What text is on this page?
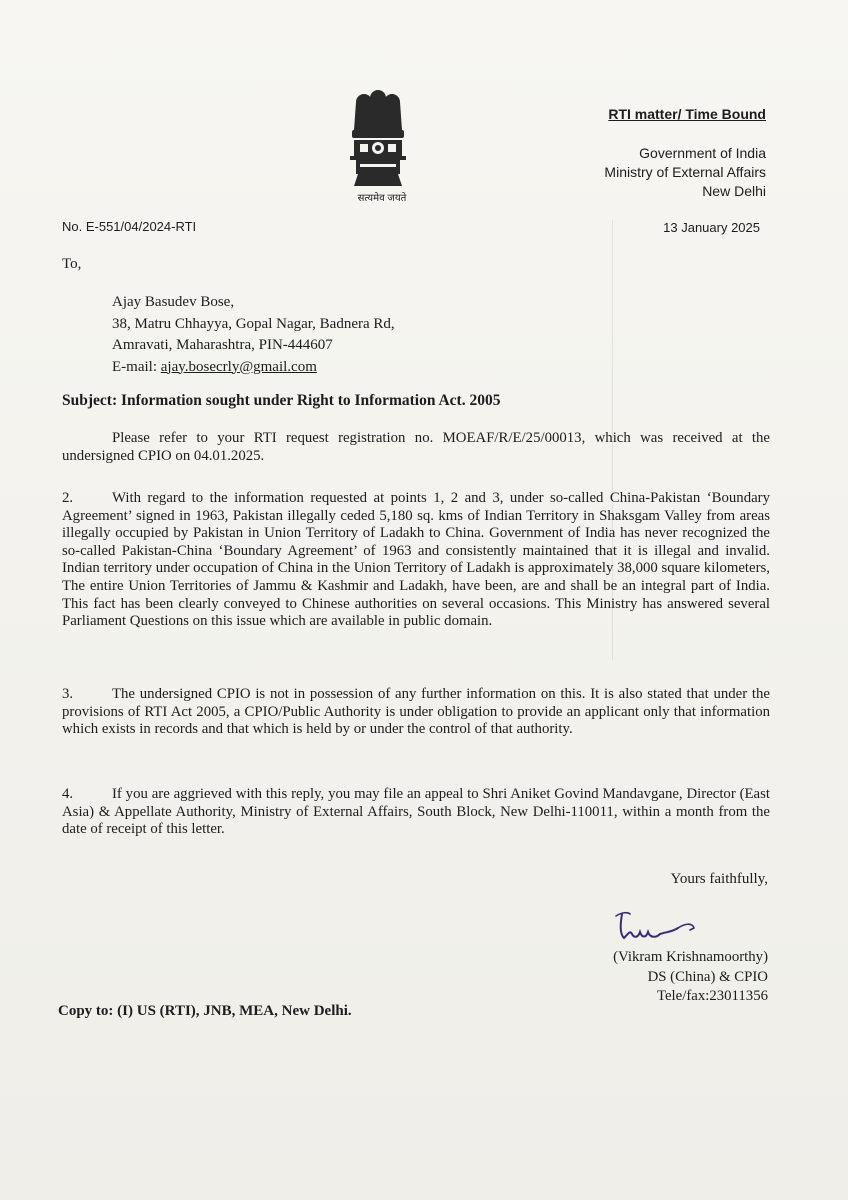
सत्यमेव जयते
RTI matter/ Time Bound
Government of India
Ministry of External Affairs
New Delhi
No. E-551/04/2024-RTI	13 January 2025
To,
Ajay Basudev Bose,
38, Matru Chhayya, Gopal Nagar, Badnera Rd,
Amravati, Maharashtra, PIN-444607
E-mail: ajay.bosecrly@gmail.com
Subject: Information sought under Right to Information Act. 2005
Please refer to your RTI request registration no. MOEAF/R/E/25/00013, which was received at the undersigned CPIO on 04.01.2025.
2.	With regard to the information requested at points 1, 2 and 3, under so-called China-Pakistan ‘Boundary Agreement’ signed in 1963, Pakistan illegally ceded 5,180 sq. kms of Indian Territory in Shaksgam Valley from areas illegally occupied by Pakistan in Union Territory of Ladakh to China. Government of India has never recognized the so-called Pakistan-China ‘Boundary Agreement’ of 1963 and consistently maintained that it is illegal and invalid. Indian territory under occupation of China in the Union Territory of Ladakh is approximately 38,000 square kilometers, The entire Union Territories of Jammu & Kashmir and Ladakh, have been, are and shall be an integral part of India. This fact has been clearly conveyed to Chinese authorities on several occasions. This Ministry has answered several Parliament Questions on this issue which are available in public domain.
3.	The undersigned CPIO is not in possession of any further information on this. It is also stated that under the provisions of RTI Act 2005, a CPIO/Public Authority is under obligation to provide an applicant only that information which exists in records and that which is held by or under the control of that authority.
4.	If you are aggrieved with this reply, you may file an appeal to Shri Aniket Govind Mandavgane, Director (East Asia) & Appellate Authority, Ministry of External Affairs, South Block, New Delhi-110011, within a month from the date of receipt of this letter.
Yours faithfully,
(Vikram Krishnamoorthy)
DS (China) & CPIO
Tele/fax:23011356
Copy to: (I) US (RTI), JNB, MEA, New Delhi.
